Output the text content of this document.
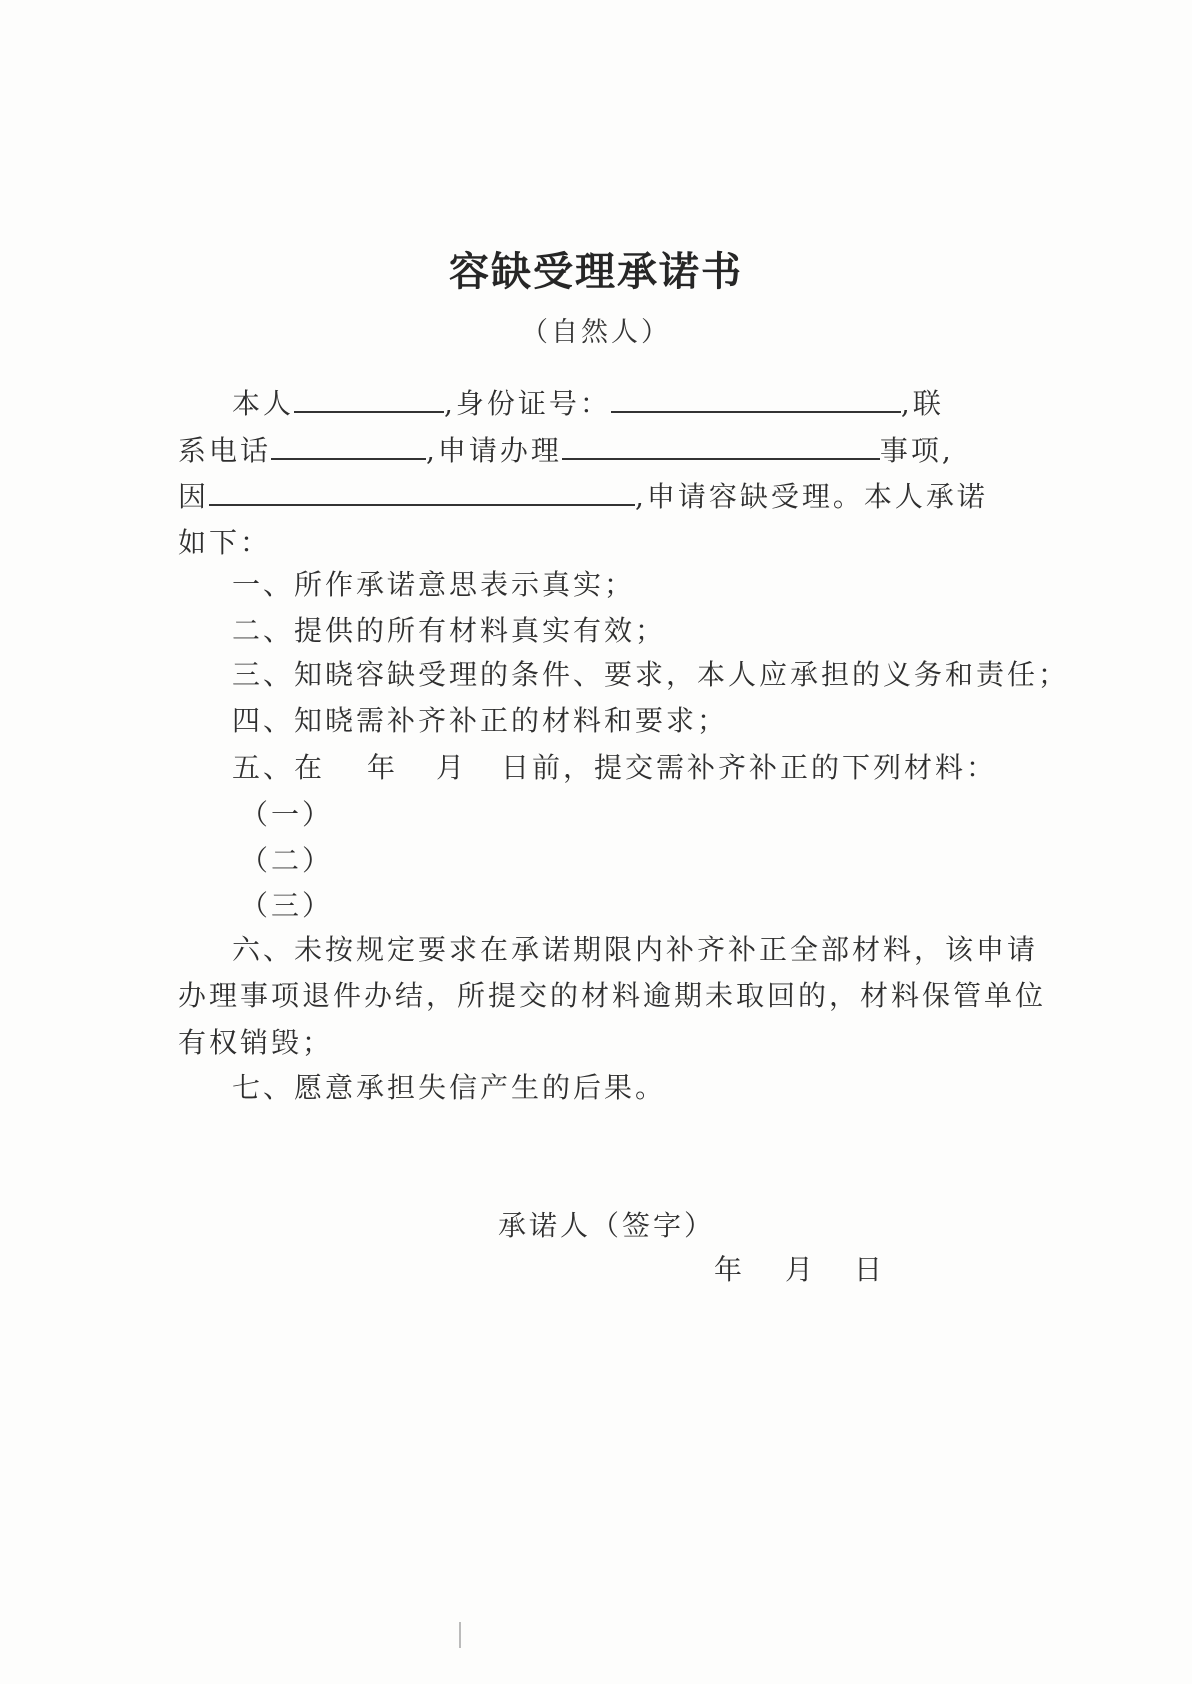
容缺受理承诺书
（自然人）
本人	,身份证号：	,联
系电话	,申请办理	事项,
因	,申请容缺受理。本人承诺
如下：
一、所作承诺意思表示真实；
二、提供的所有材料真实有效；
三、知晓容缺受理的条件、要求，本人应承担的义务和责任；
四、知晓需补齐补正的材料和要求；
五、在 年 月 日前，提交需补齐补正的下列材料：
（一）
（二）
（三）
六、未按规定要求在承诺期限内补齐补正全部材料，该申请
办理事项退件办结，所提交的材料逾期未取回的，材料保管单位
有权销毁；
七、愿意承担失信产生的后果。
承诺人（签字）
年 月 日
